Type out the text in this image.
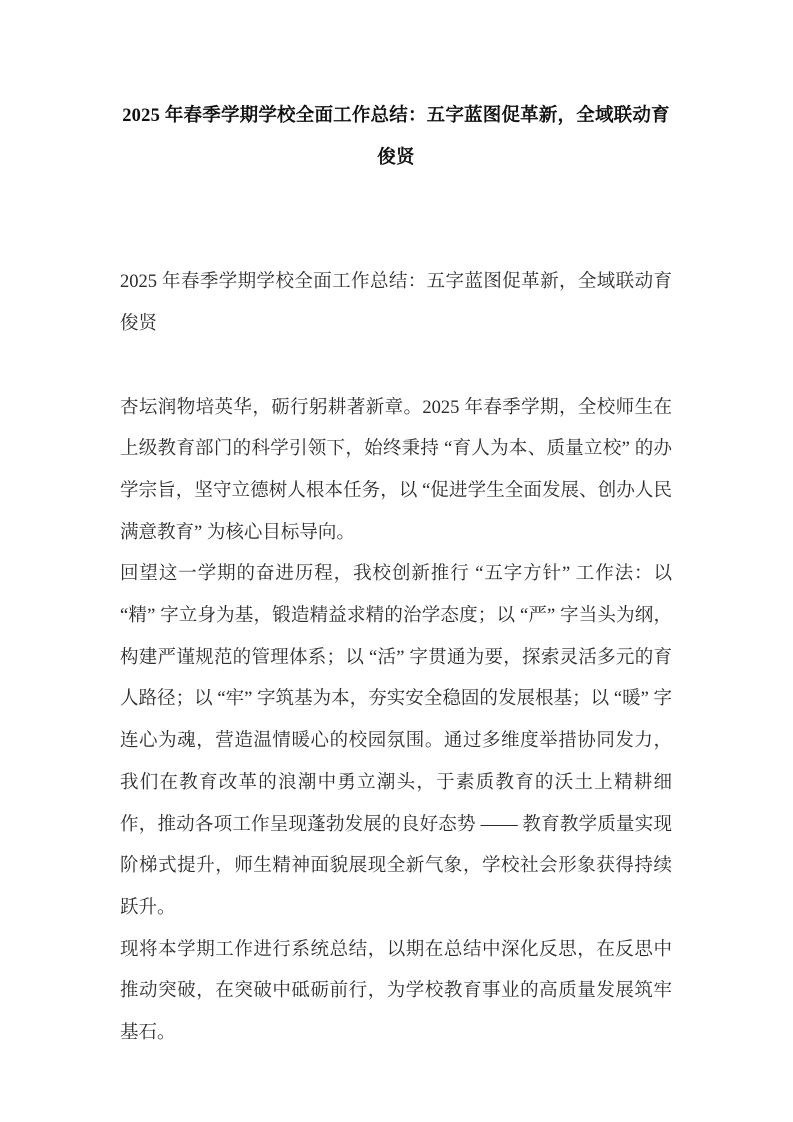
2025 年春季学期学校全面工作总结：五字蓝图促革新，全域联动育俊贤

2025 年春季学期学校全面工作总结：五字蓝图促革新，全域联动育俊贤

杏坛润物培英华，砺行躬耕著新章。2025 年春季学期，全校师生在上级教育部门的科学引领下，始终秉持 “育人为本、质量立校” 的办学宗旨，坚守立德树人根本任务，以 “促进学生全面发展、创办人民满意教育” 为核心目标导向。

回望这一学期的奋进历程，我校创新推行 “五字方针” 工作法：以 “精” 字立身为基，锻造精益求精的治学态度；以 “严” 字当头为纲，构建严谨规范的管理体系；以 “活” 字贯通为要，探索灵活多元的育人路径；以 “牢” 字筑基为本，夯实安全稳固的发展根基；以 “暖” 字连心为魂，营造温情暖心的校园氛围。通过多维度举措协同发力，我们在教育改革的浪潮中勇立潮头，于素质教育的沃土上精耕细作，推动各项工作呈现蓬勃发展的良好态势 —— 教育教学质量实现阶梯式提升，师生精神面貌展现全新气象，学校社会形象获得持续跃升。

现将本学期工作进行系统总结，以期在总结中深化反思，在反思中推动突破，在突破中砥砺前行，为学校教育事业的高质量发展筑牢基石。
